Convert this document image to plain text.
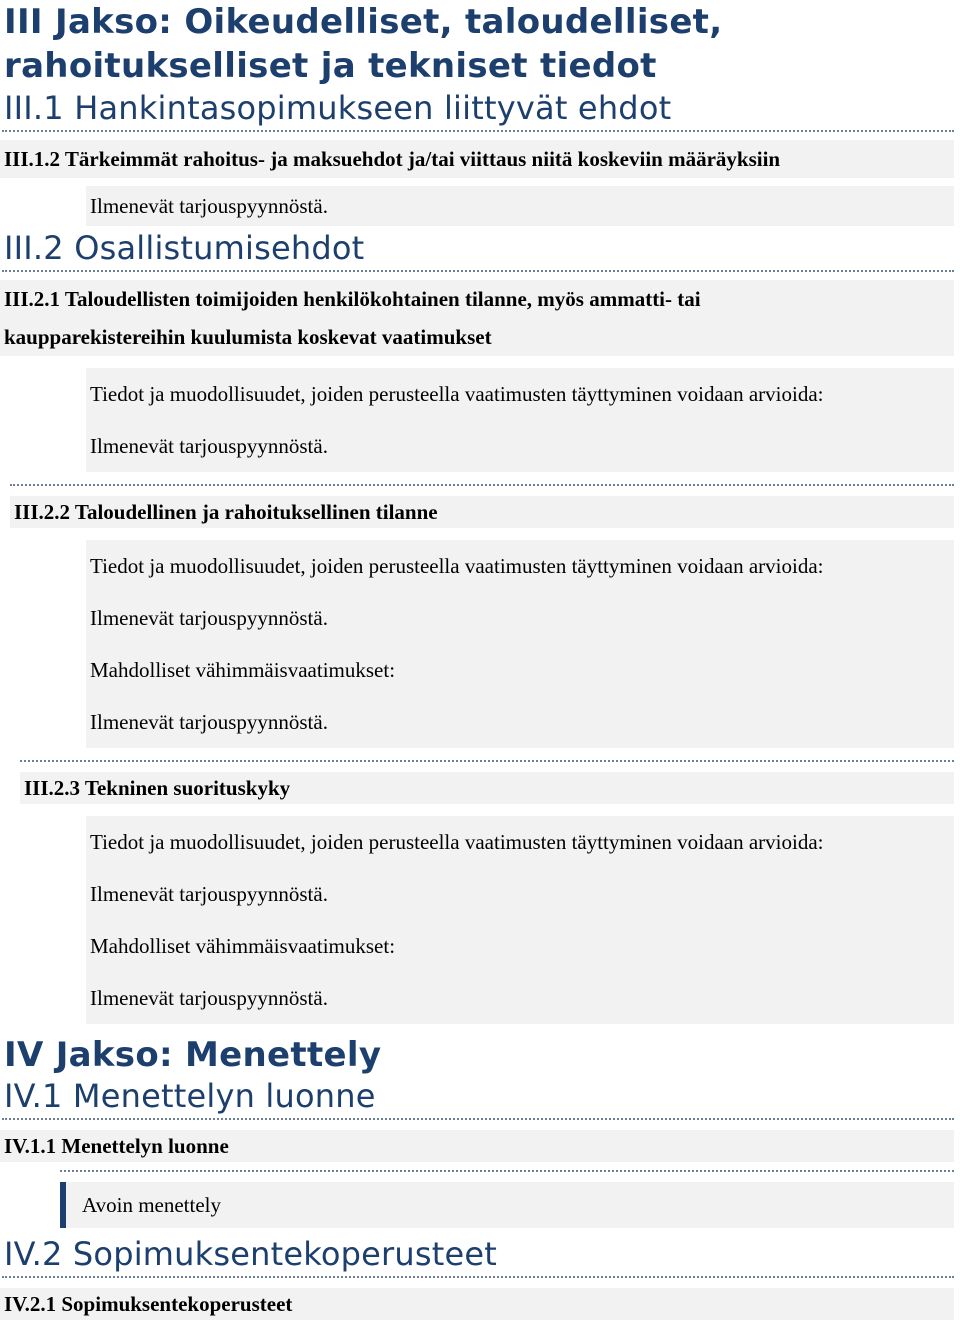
III Jakso: Oikeudelliset, taloudelliset,
rahoitukselliset ja tekniset tiedot
III.1 Hankintasopimukseen liittyvät ehdot
III.1.2 Tärkeimmät rahoitus- ja maksuehdot ja/tai viittaus niitä koskeviin määräyksiin
Ilmenevät tarjouspyynnöstä.
III.2 Osallistumisehdot
III.2.1 Taloudellisten toimijoiden henkilökohtainen tilanne, myös ammatti- tai
kaupparekistereihin kuulumista koskevat vaatimukset
Tiedot ja muodollisuudet, joiden perusteella vaatimusten täyttyminen voidaan arvioida:
Ilmenevät tarjouspyynnöstä.
III.2.2 Taloudellinen ja rahoituksellinen tilanne
Tiedot ja muodollisuudet, joiden perusteella vaatimusten täyttyminen voidaan arvioida:
Ilmenevät tarjouspyynnöstä.
Mahdolliset vähimmäisvaatimukset:
Ilmenevät tarjouspyynnöstä.
III.2.3 Tekninen suorituskyky
Tiedot ja muodollisuudet, joiden perusteella vaatimusten täyttyminen voidaan arvioida:
Ilmenevät tarjouspyynnöstä.
Mahdolliset vähimmäisvaatimukset:
Ilmenevät tarjouspyynnöstä.
IV Jakso: Menettely
IV.1 Menettelyn luonne
IV.1.1 Menettelyn luonne
Avoin menettely
IV.2 Sopimuksentekoperusteet
IV.2.1 Sopimuksentekoperusteet
